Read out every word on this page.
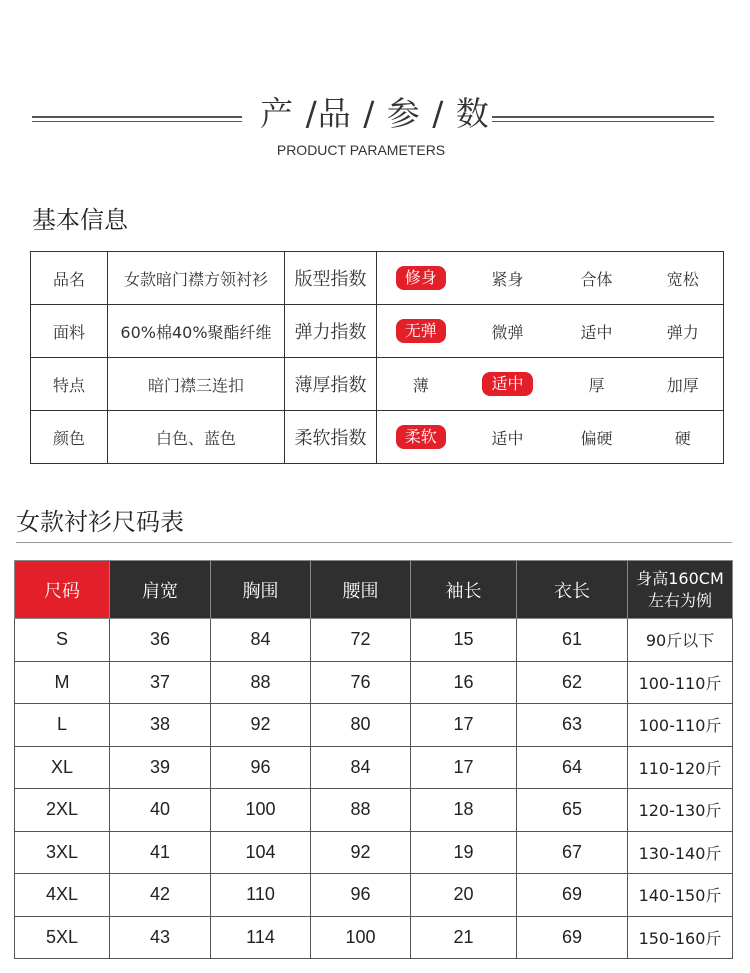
产 /品 / 参 / 数
PRODUCT PARAMETERS
基本信息
品名	女款暗门襟方领衬衫	版型指数	修身	紧身	合体	宽松
面料	60%棉40%聚酯纤维	弹力指数	无弹	微弹	适中	弹力
特点	暗门襟三连扣	薄厚指数	薄	适中	厚	加厚
颜色	白色、蓝色	柔软指数	柔软	适中	偏硬	硬
女款衬衫尺码表
尺码	肩宽	胸围	腰围	袖长	衣长	身高160CM
左右为例
S	36	84	72	15	61	90斤以下
M	37	88	76	16	62	100-110斤
L	38	92	80	17	63	100-110斤
XL	39	96	84	17	64	110-120斤
2XL	40	100	88	18	65	120-130斤
3XL	41	104	92	19	67	130-140斤
4XL	42	110	96	20	69	140-150斤
5XL	43	114	100	21	69	150-160斤
